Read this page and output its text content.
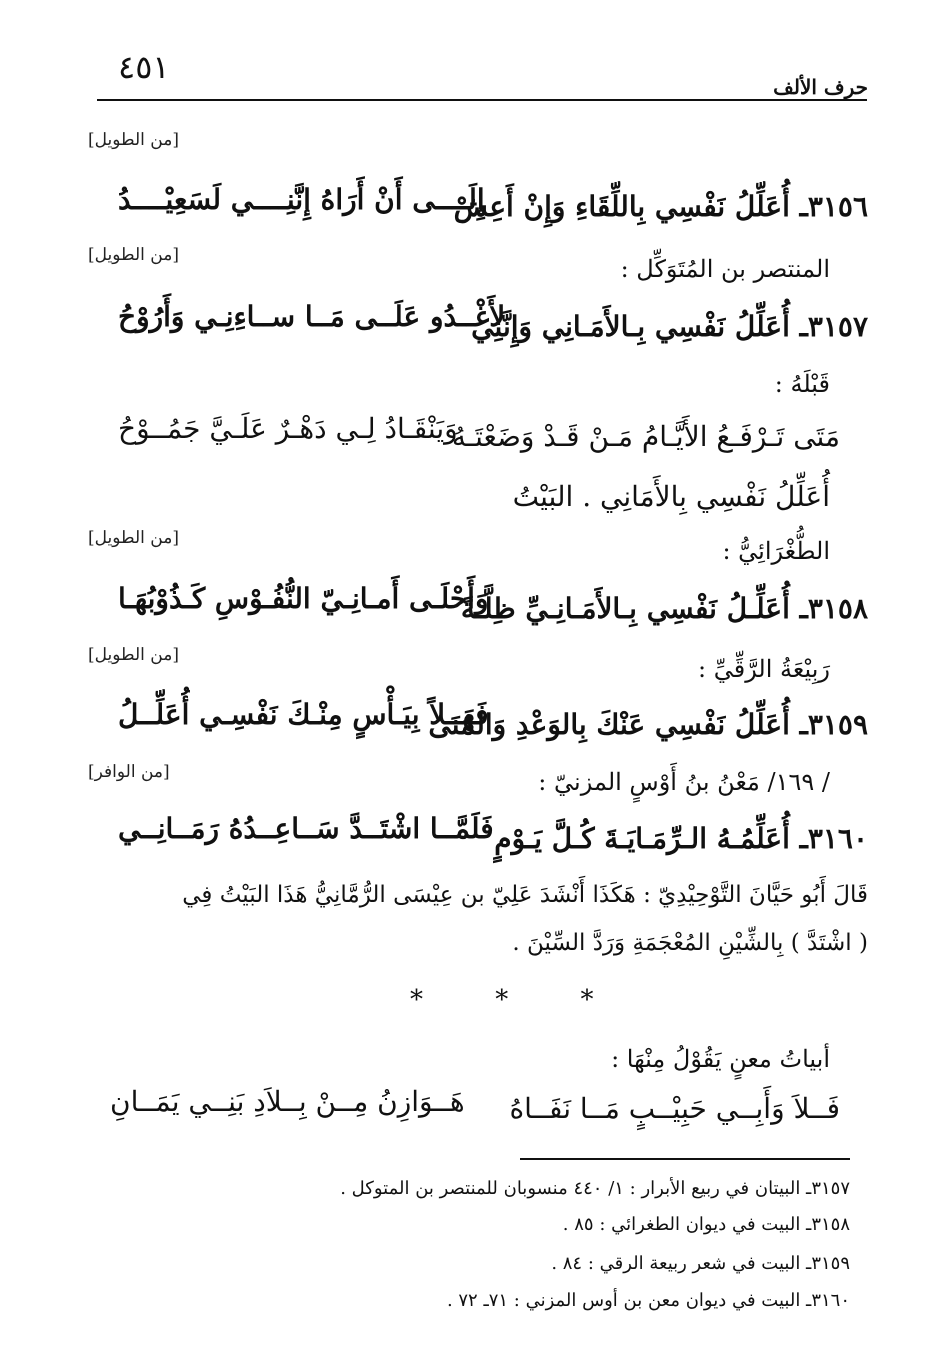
٤٥١
حرف الألف
[من الطويل]
٣١٥٦ـ أُعَلِّلُ نَفْسِي بِاللِّقَاءِ وَإِنْ أَعِشْ
إِلَــــى أَنْ أَرَاهُ إِنَّنِــــي لَسَعِيْــــدُ
[من الطويل]	المنتصر بن المُتَوَكِّل :
٣١٥٧ـ أُعَلِّلُ نَفْسِي بِـالأَمَـانِي وَإِنَّنِي
لأَغْــدُو عَلَــى مَــا ســاءِنِـي وَأَرُوْحُ
قَبْلَهُ :
مَتَى تَـرْفَـعُ الأَيَّـامُ مَـنْ قَـدْ وَضَعْتَـهُ
وَيَنْقَـادُ لِـي دَهْـرٌ عَلَـيَّ جَمُــوْحُ
أُعَلِّلُ نَفْسِي بِالأَمَانِي . البَيْتُ
[من الطويل]	الطُّغْرَائِيُّ :
٣١٥٨ـ أُعَلِّـلُ نَفْسِي بِـالأَمَـانِـيِّ ظِلَّـةً
وَأَحْلَـى أَمـانِـيّ النُّفُـوْسِ كَـذُوْبُهَـا
[من الطويل]	رَبِيْعَةُ الرَّقِّيِّ :
٣١٥٩ـ أُعَلِّلُ نَفْسِي عَنْكَ بِالوَعْدِ وَالمُنَى
فَهَــلاً بِيَـأْسٍ مِنْـكَ نَفْسِـي أُعَلِّــلُ
[من الوافر]	/ ١٦٩/ مَعْنُ بنُ أَوْسٍ المزنيّ :
٣١٦٠ـ أُعَلِّمُـهُ الـرِّمَـايَـةَ كُـلَّ يَـوْمٍ
فَلَمَّــا اشْتَــدَّ سَــاعِــدُهُ رَمَــانِــي
قَالَ أَبُو حَيَّانَ التَّوْحِيْدِيّ : هَكَذَا أَنْشَدَ عَلِيّ بن عِيْسَى الرُّمَّانِيُّ هَذَا البَيْتُ فِي
( اشْتَدَّ ) بِالشِّيْنِ المُعْجَمَةِ وَرَدَّ السِّيْنَ .
* * *
أبياتُ معنٍ يَقُوْلُ مِنْهَا :
فَــلاَ وَأَبِــي حَبِيْــبٍ مَــا نَفَــاهُ
هَــوَازِنُ مِــنْ بِــلاَدِ بَنِــي يَمَــانِ
٣١٥٧ـ البيتان في ربيع الأبرار : ١/ ٤٤٠ منسوبان للمنتصر بن المتوكل .
٣١٥٨ـ البيت في ديوان الطغرائي : ٨٥ .
٣١٥٩ـ البيت في شعر ربيعة الرقي : ٨٤ .
٣١٦٠ـ البيت في ديوان معن بن أوس المزني : ٧١ـ ٧٢ .
